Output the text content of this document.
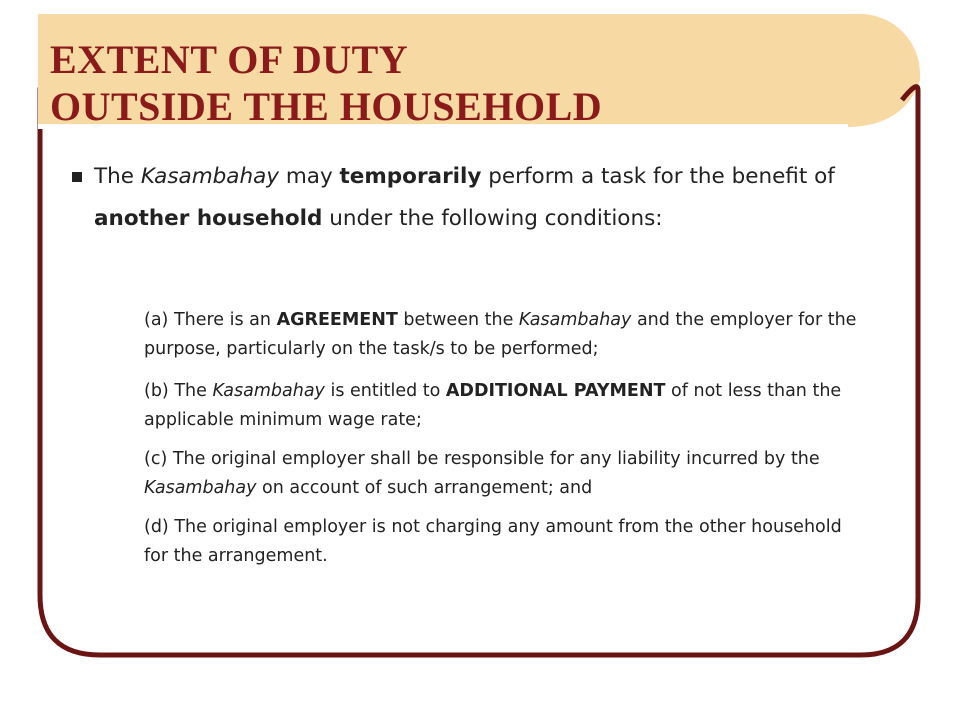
EXTENT OF DUTY
OUTSIDE THE HOUSEHOLD
The Kasambahay may temporarily perform a task for the benefit of another household under the following conditions:

(a) There is an AGREEMENT between the Kasambahay and the employer for the purpose, particularly on the task/s to be performed;

(b) The Kasambahay is entitled to ADDITIONAL PAYMENT of not less than the applicable minimum wage rate;

(c) The original employer shall be responsible for any liability incurred by the Kasambahay on account of such arrangement; and

(d) The original employer is not charging any amount from the other household for the arrangement.
